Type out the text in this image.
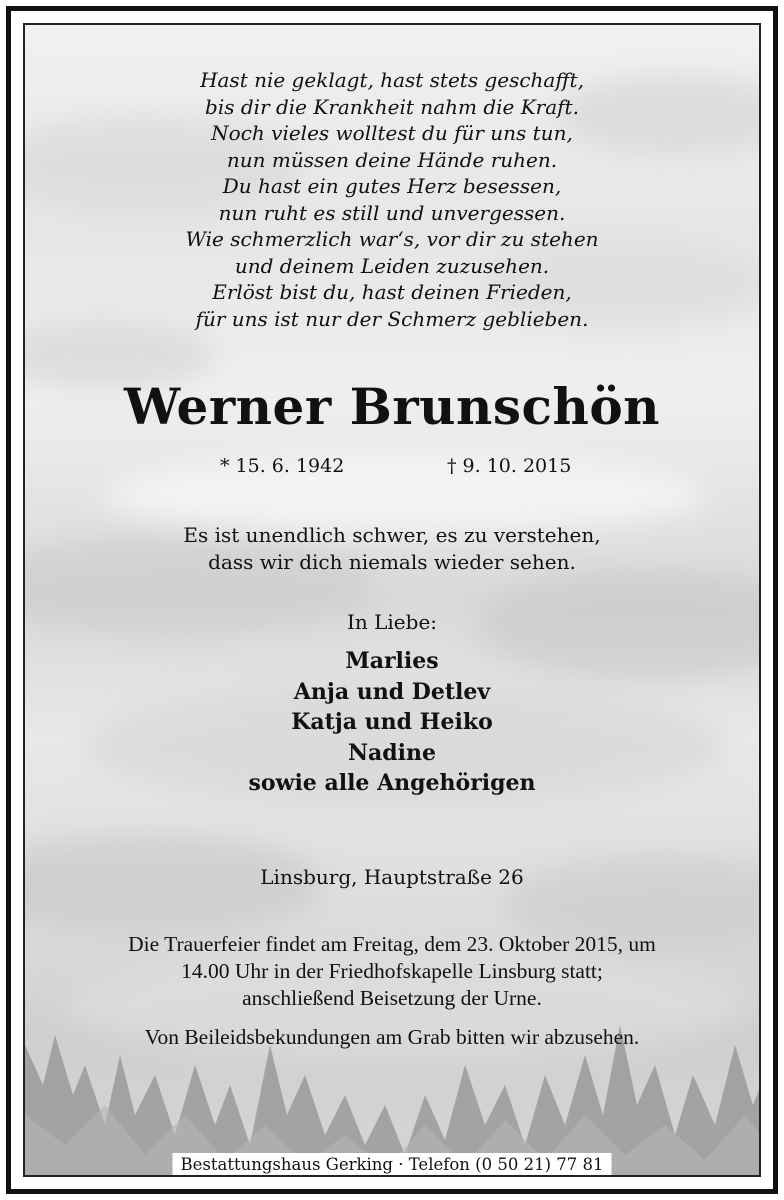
Hast nie geklagt, hast stets geschafft,
bis dir die Krankheit nahm die Kraft.
Noch vieles wolltest du für uns tun,
nun müssen deine Hände ruhen.
Du hast ein gutes Herz besessen,
nun ruht es still und unvergessen.
Wie schmerzlich war‘s, vor dir zu stehen
und deinem Leiden zuzusehen.
Erlöst bist du, hast deinen Frieden,
für uns ist nur der Schmerz geblieben.
Werner Brunschön
* 15. 6. 1942	† 9. 10. 2015
Es ist unendlich schwer, es zu verstehen,
dass wir dich niemals wieder sehen.
In Liebe:
Marlies
Anja und Detlev
Katja und Heiko
Nadine
sowie alle Angehörigen
Linsburg, Hauptstraße 26
Die Trauerfeier findet am Freitag, dem 23. Oktober 2015, um
14.00 Uhr in der Friedhofskapelle Linsburg statt;
anschließend Beisetzung der Urne.
Von Beileidsbekundungen am Grab bitten wir abzusehen.
Bestattungshaus Gerking · Telefon (0 50 21) 77 81
